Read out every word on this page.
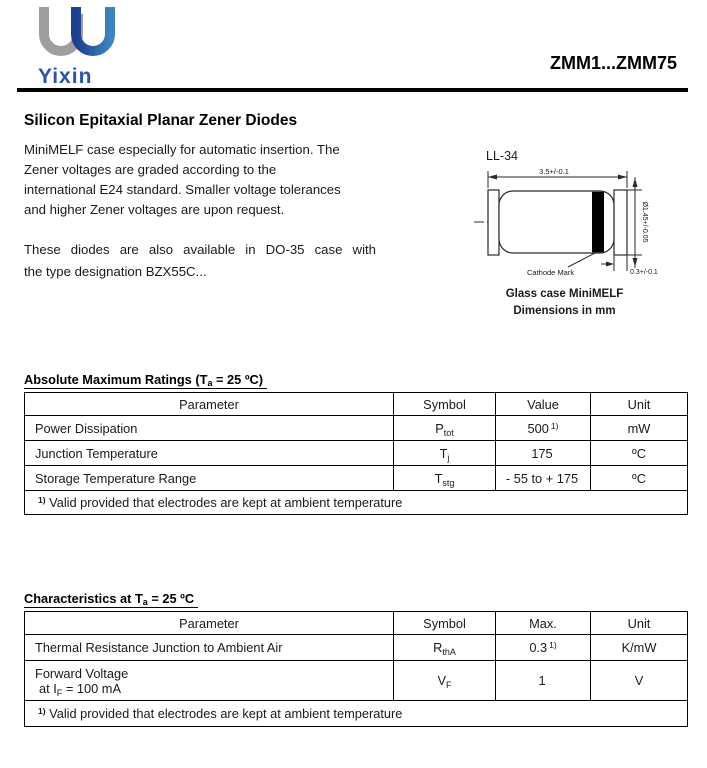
Yixin
ZMM1...ZMM75
Silicon Epitaxial Planar Zener Diodes
MiniMELF case especially for automatic insertion. The
Zener voltages are graded according to the
international E24 standard. Smaller voltage tolerances
and higher Zener voltages are upon request.
These diodes are also available in DO-35 case with
the type designation BZX55C...
LL-34
3.5+/-0.1
Ø1.45+/-0.05
0.3+/-0.1
Cathode Mark
Glass case MiniMELF
Dimensions in mm
Absolute Maximum Ratings (Ta = 25 ºC)
Parameter	Symbol	Value	Unit
Power Dissipation	$P_{tot}$	500 $^{1)}$	mW
Junction Temperature	$T_j$	175	ºC
Storage Temperature Range	$T_{stg}$	- 55 to + 175	ºC
$^{1)}$ Valid provided that electrodes are kept at ambient temperature			
Characteristics at Ta = 25 ºC
Parameter	Symbol	Max.	Unit
Thermal Resistance Junction to Ambient Air	$R_{thA}$	0.3 $^{1)}$	K/mW

Forward Voltage
at $I_F = 100$ mA	$V_F$	1	V
$^{1)}$ Valid provided that electrodes are kept at ambient temperature			
